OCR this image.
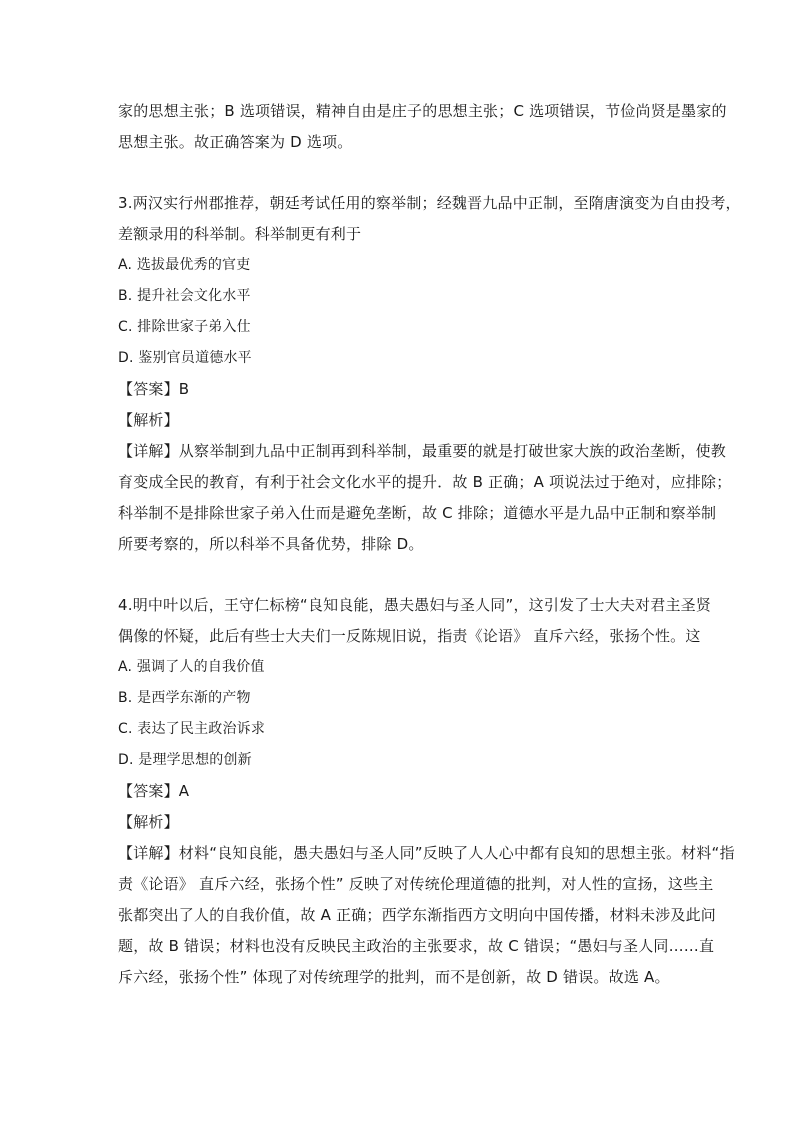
家的思想主张；B 选项错误，精神自由是庄子的思想主张；C 选项错误，节俭尚贤是墨家的
思想主张。故正确答案为 D 选项。
3.两汉实行州郡推荐，朝廷考试任用的察举制；经魏晋九品中正制，至隋唐演变为自由投考，
差额录用的科举制。科举制更有利于
A. 选拔最优秀的官吏
B. 提升社会文化水平
C. 排除世家子弟入仕
D. 鉴别官员道德水平
【答案】B
【解析】
【详解】从察举制到九品中正制再到科举制，最重要的就是打破世家大族的政治垄断，使教
育变成全民的教育，有利于社会文化水平的提升．故 B 正确；A 项说法过于绝对，应排除；
科举制不是排除世家子弟入仕而是避免垄断，故 C 排除；道德水平是九品中正制和察举制
所要考察的，所以科举不具备优势，排除 D。
4.明中叶以后，王守仁标榜“良知良能，愚夫愚妇与圣人同”，这引发了士大夫对君主圣贤
偶像的怀疑，此后有些士大夫们一反陈规旧说，指责《论语》 直斥六经，张扬个性。这
A. 强调了人的自我价值
B. 是西学东渐的产物
C. 表达了民主政治诉求
D. 是理学思想的创新
【答案】A
【解析】
【详解】材料“良知良能，愚夫愚妇与圣人同”反映了人人心中都有良知的思想主张。材料“指
责《论语》 直斥六经，张扬个性” 反映了对传统伦理道德的批判，对人性的宣扬，这些主
张都突出了人的自我价值，故 A 正确；西学东渐指西方文明向中国传播，材料未涉及此问
题，故 B 错误；材料也没有反映民主政治的主张要求，故 C 错误；“愚妇与圣人同……直
斥六经，张扬个性” 体现了对传统理学的批判，而不是创新，故 D 错误。故选 A。
